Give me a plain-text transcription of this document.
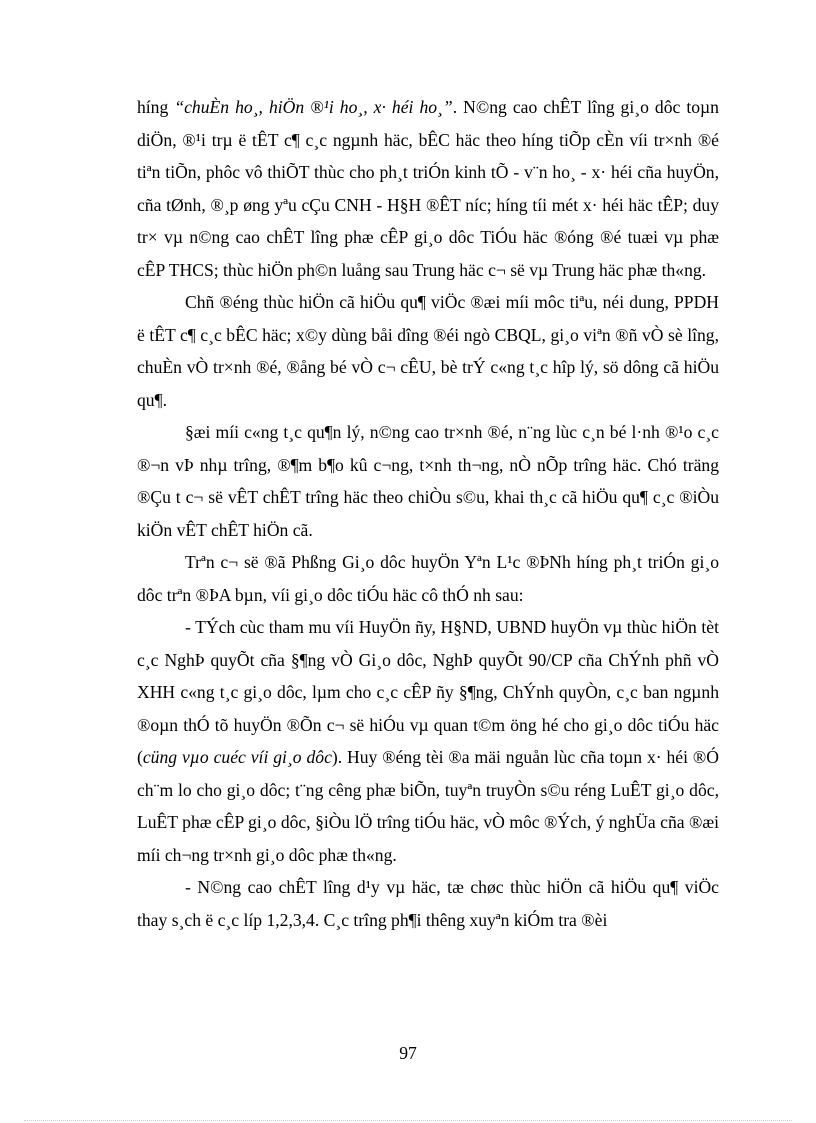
híng “chuÈn ho¸, hiÖn ®¹i ho¸, x· héi ho¸”. N©ng cao chÊT lîng gi¸o dôc toµn diÖn, ®¹i trµ ë tÊT c¶ c¸c ngµnh häc, bÊC häc theo híng tiÕp cÈn víi tr×nh ®é tiªn tiÕn, phôc vô thiÕT thùc cho ph¸t triÓn kinh tÕ - v¨n ho¸ - x· héi cña huyÖn, cña tØnh, ®¸p øng yªu cÇu CNH - H§H ®ÊT níc; híng tíi mét x· héi häc tÊP; duy tr× vµ n©ng cao chÊT lîng phæ cÊP gi¸o dôc TiÓu häc ®óng ®é tuæi vµ phæ cÊP THCS; thùc hiÖn ph©n luång sau Trung häc c¬ së vµ Trung häc phæ th«ng.

Chñ ®éng thùc hiÖn cã hiÖu qu¶ viÖc ®æi míi môc tiªu, néi dung, PPDH ë tÊT c¶ c¸c bÊC häc; x©y dùng båi dîng ®éi ngò CBQL, gi¸o viªn ®ñ vÒ sè lîng, chuÈn vÒ tr×nh ®é, ®ång bé vÒ c¬ cÊU, bè trÝ c«ng t¸c hîp lý, sö dông cã hiÖu qu¶.

§æi míi c«ng t¸c qu¶n lý, n©ng cao tr×nh ®é, n¨ng lùc c¸n bé l·nh ®¹o c¸c ®¬n vÞ nhµ trîng, ®¶m b¶o kû c¬ng, t×nh th¬ng, nÒ nÕp trîng häc. Chó träng ®Çu t c¬ së vÊT chÊT trîng häc theo chiÒu s©u, khai th¸c cã hiÖu qu¶ c¸c ®iÒu kiÖn vÊT chÊT hiÖn cã.

Trªn c¬ së ®ã Phßng Gi¸o dôc huyÖn Yªn L¹c ®ÞNh híng ph¸t triÓn gi¸o dôc trªn ®ÞA bµn, víi gi¸o dôc tiÓu häc cô thÓ nh sau:

- TÝch cùc tham mu víi HuyÖn ñy, H§ND, UBND huyÖn vµ thùc hiÖn tèt c¸c NghÞ quyÕt cña §¶ng vÒ Gi¸o dôc, NghÞ quyÕt 90/CP cña ChÝnh phñ vÒ XHH c«ng t¸c gi¸o dôc, lµm cho c¸c cÊP ñy §¶ng, ChÝnh quyÒn, c¸c ban ngµnh ®oµn thÓ tõ huyÖn ®Õn c¬ së hiÓu vµ quan t©m öng hé cho gi¸o dôc tiÓu häc (cüng vµo cuéc víi gi¸o dôc). Huy ®éng tèi ®a mäi nguån lùc cña toµn x· héi ®Ó ch¨m lo cho gi¸o dôc; t¨ng cêng phæ biÕn, tuyªn truyÒn s©u réng LuÊT gi¸o dôc, LuÊT phæ cÊP gi¸o dôc, §iÒu lÖ trîng tiÓu häc, vÒ môc ®Ých, ý nghÜa cña ®æi míi ch¬ng tr×nh gi¸o dôc phæ th«ng.

- N©ng cao chÊT lîng d¹y vµ häc, tæ chøc thùc hiÖn cã hiÖu qu¶ viÖc thay s¸ch ë c¸c líp 1,2,3,4. C¸c trîng ph¶i thêng xuyªn kiÓm tra ®èi

97
